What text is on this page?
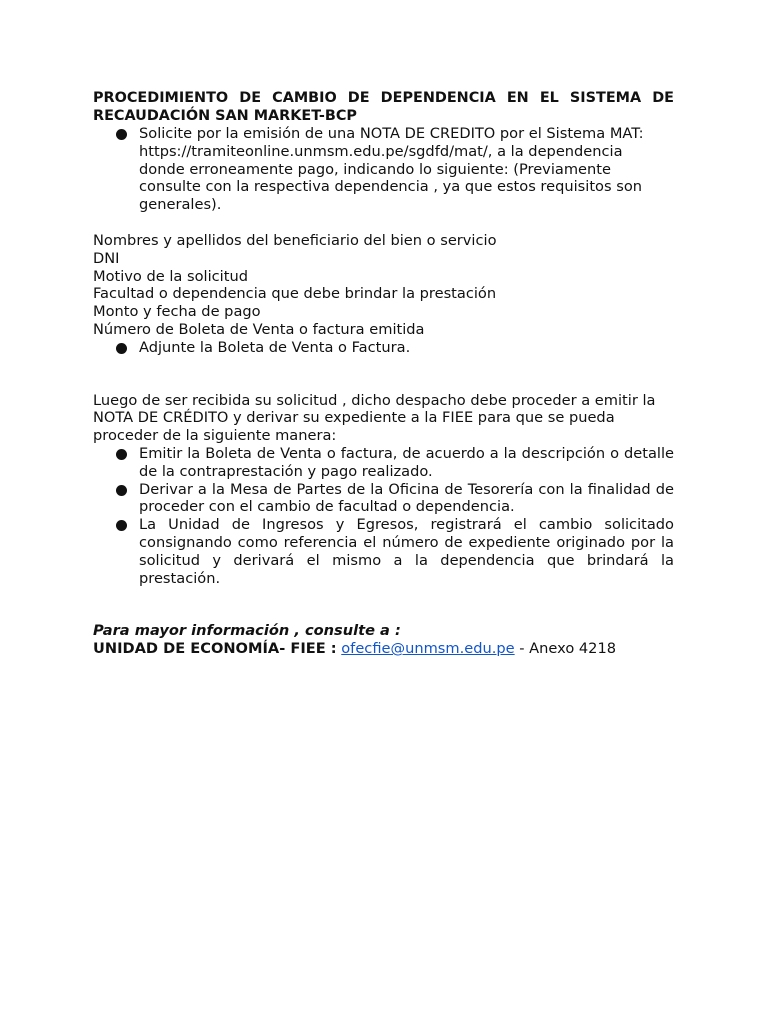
PROCEDIMIENTO DE CAMBIO DE DEPENDENCIA EN EL SISTEMA DE RECAUDACIÓN SAN MARKET-BCP

Solicite por la emisión de una NOTA DE CREDITO por el Sistema MAT: https://tramiteonline.unmsm.edu.pe/sgdfd/mat/, a la dependencia donde erroneamente pago, indicando lo siguiente: (Previamente consulte con la respectiva dependencia , ya que estos requisitos son generales).
Nombres y apellidos del beneficiario del bien o servicio
DNI
Motivo de la solicitud
Facultad o dependencia que debe brindar la prestación
Monto y fecha de pago
Número de Boleta de Venta o factura emitida
Adjunte la Boleta de Venta o Factura.

Luego de ser recibida su solicitud , dicho despacho debe proceder a emitir la NOTA DE CRÉDITO y derivar su expediente a la FIEE para que se pueda proceder de la siguiente manera:

Emitir la Boleta de Venta o factura, de acuerdo a la descripción o detalle de la contraprestación y pago realizado.
Derivar a la Mesa de Partes de la Oficina de Tesorería con la finalidad de proceder con el cambio de facultad o dependencia.
La Unidad de Ingresos y Egresos, registrará el cambio solicitado consignando como referencia el número de expediente originado por la solicitud y derivará el mismo a la dependencia que brindará la prestación.
Para mayor información , consulte a :
UNIDAD DE ECONOMÍA- FIEE : ofecfie@unmsm.edu.pe - Anexo 4218
